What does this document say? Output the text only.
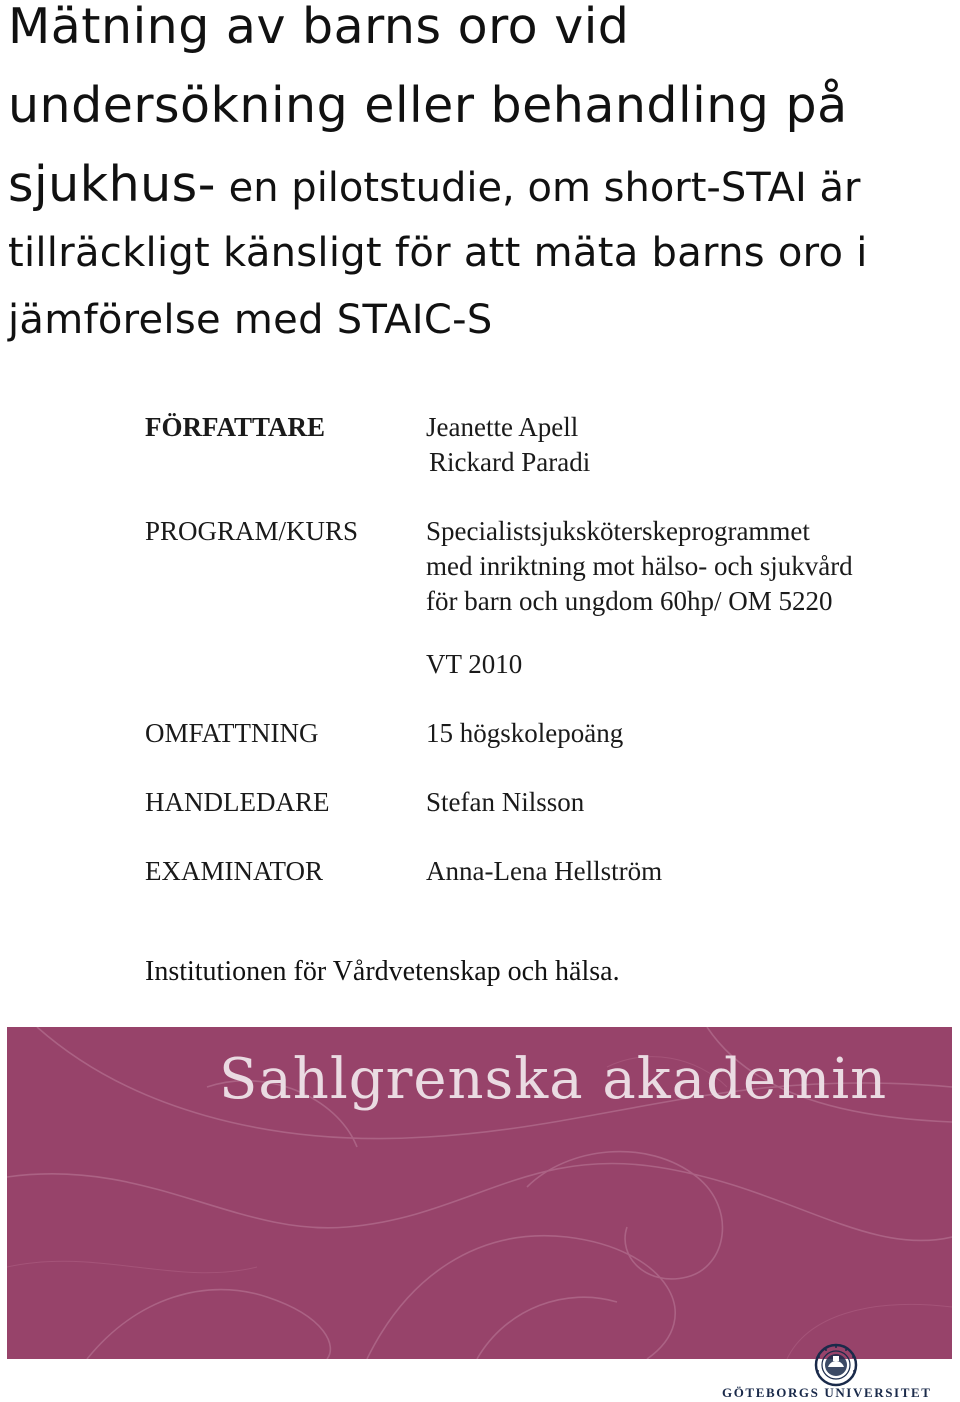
Mätning av barns oro vid
undersökning eller behandling på
sjukhus- en pilotstudie, om short-STAI är
tillräckligt känsligt för att mäta barns oro i
jämförelse med STAIC-S
FÖRFATTARE	Jeanette Apell
Rickard Paradi
PROGRAM/KURS	Specialistsjuksköterskeprogrammet
med inriktning mot hälso- och sjukvård
för barn och ungdom 60hp/ OM 5220
VT 2010
OMFATTNING	15 högskolepoäng
HANDLEDARE	Stefan Nilsson
EXAMINATOR	Anna-Lena Hellström
Institutionen för Vårdvetenskap och hälsa.
Sahlgrenska akademin
GÖTEBORGS UNIVERSITET
